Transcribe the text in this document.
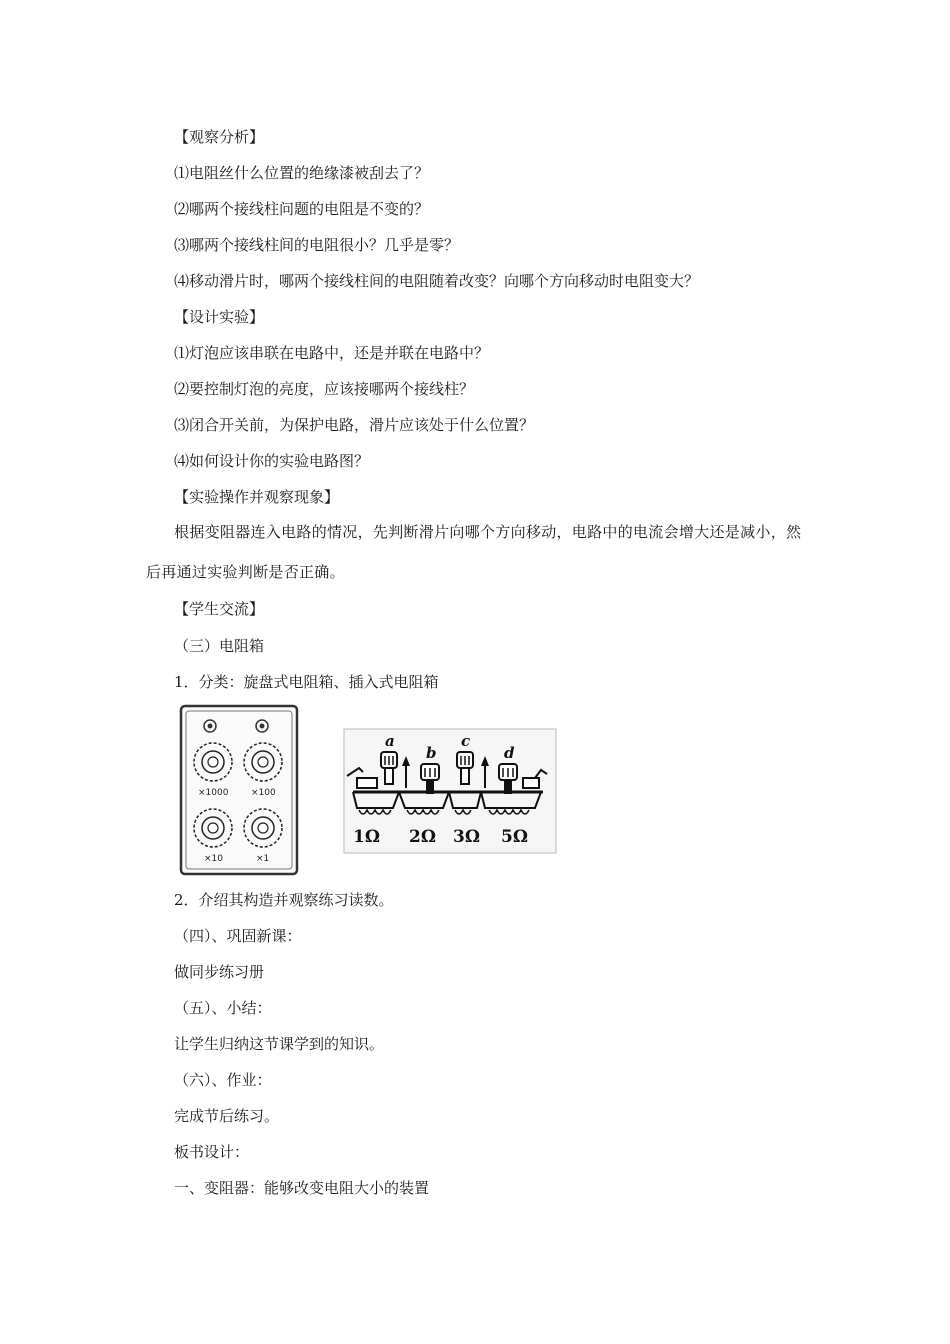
【观察分析】
⑴电阻丝什么位置的绝缘漆被刮去了？
⑵哪两个接线柱问题的电阻是不变的？
⑶哪两个接线柱间的电阻很小？几乎是零？
⑷移动滑片时，哪两个接线柱间的电阻随着改变？向哪个方向移动时电阻变大？
【设计实验】
⑴灯泡应该串联在电路中，还是并联在电路中？
⑵要控制灯泡的亮度，应该接哪两个接线柱？
⑶闭合开关前，为保护电路，滑片应该处于什么位置？
⑷如何设计你的实验电路图？
【实验操作并观察现象】
根据变阻器连入电路的情况，先判断滑片向哪个方向移动，电路中的电流会增大还是减小，然后再通过实验判断是否正确。
【学生交流】
（三）电阻箱
1．分类：旋盘式电阻箱、插入式电阻箱
×1000	×100
×10	×1
a
b
c
d
1Ω 2Ω 3Ω 5Ω
2．介绍其构造并观察练习读数。
（四）、巩固新课：
做同步练习册
（五）、小结：
让学生归纳这节课学到的知识。
（六）、作业：
完成节后练习。
板书设计：
一、变阻器：能够改变电阻大小的装置
